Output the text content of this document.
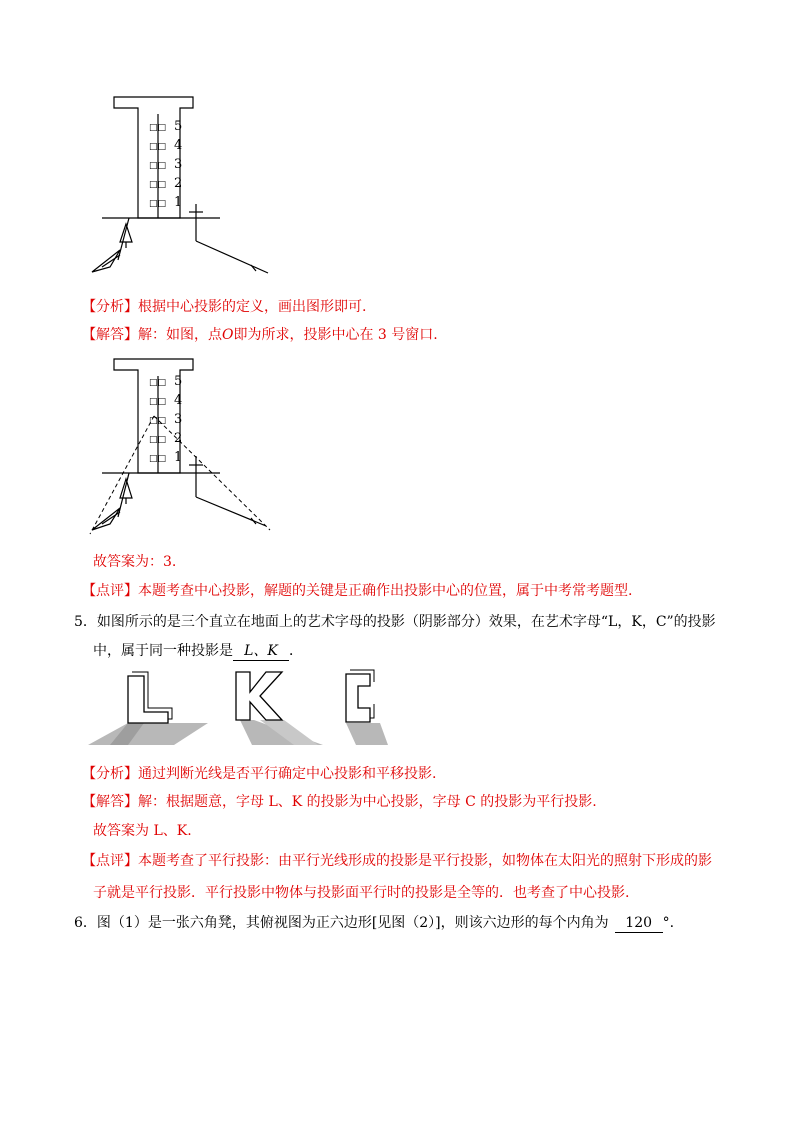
□□
□□
□□
□□
□□
5
4
3
2
1
【分析】根据中心投影的定义，画出图形即可.
【解答】解：如图，点O即为所求，投影中心在 3 号窗口.
□□
□□
□□
□□
□□
5
4
3
2
1
故答案为：3.
【点评】本题考查中心投影，解题的关键是正确作出投影中心的位置，属于中考常考题型.
5．如图所示的是三个直立在地面上的艺术字母的投影（阴影部分）效果，在艺术字母“L，K，C”的投影
中，属于同一种投影是 L、K ．
【分析】通过判断光线是否平行确定中心投影和平移投影.
【解答】解：根据题意，字母 L、K 的投影为中心投影，字母 C 的投影为平行投影.
故答案为 L、K.
【点评】本题考查了平行投影：由平行光线形成的投影是平行投影，如物体在太阳光的照射下形成的影
子就是平行投影．平行投影中物体与投影面平行时的投影是全等的．也考查了中心投影.
6．图（1）是一张六角凳，其俯视图为正六边形[见图（2）]，则该六边形的每个内角为 120 °.
